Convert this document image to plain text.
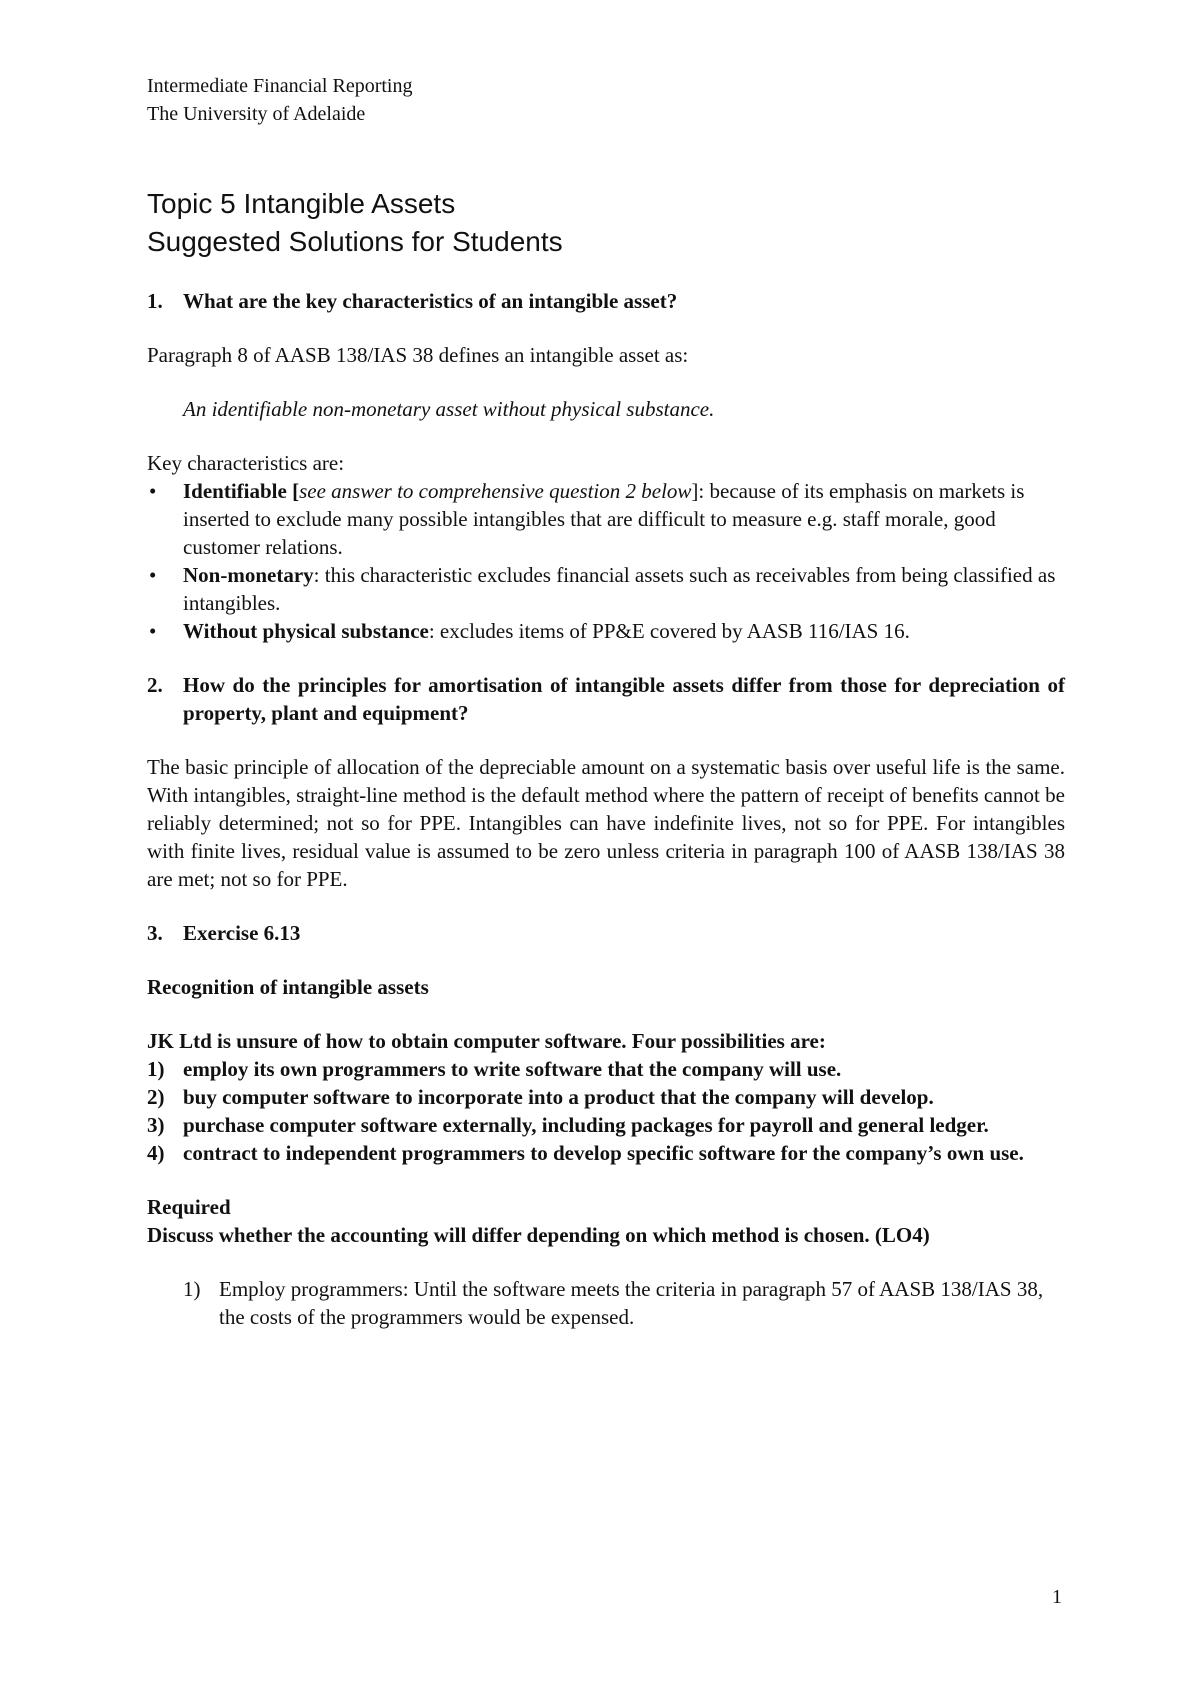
Intermediate Financial Reporting
The University of Adelaide
Topic 5 Intangible Assets
Suggested Solutions for Students
1. What are the key characteristics of an intangible asset?

Paragraph 8 of AASB 138/IAS 38 defines an intangible asset as:

An identifiable non-monetary asset without physical substance.

Key characteristics are:
•
Identifiable [see answer to comprehensive question 2 below]: because of its emphasis on markets is inserted to exclude many possible intangibles that are difficult to measure e.g. staff morale, good customer relations.
•
Non-monetary: this characteristic excludes financial assets such as receivables from being classified as intangibles.
•
Without physical substance: excludes items of PP&E covered by AASB 116/IAS 16.
2. How do the principles for amortisation of intangible assets differ from those for depreciation of property, plant and equipment?

The basic principle of allocation of the depreciable amount on a systematic basis over useful life is the same. With intangibles, straight-line method is the default method where the pattern of receipt of benefits cannot be reliably determined; not so for PPE. Intangibles can have indefinite lives, not so for PPE. For intangibles with finite lives, residual value is assumed to be zero unless criteria in paragraph 100 of AASB 138/IAS 38 are met; not so for PPE.

3. Exercise 6.13

Recognition of intangible assets

JK Ltd is unsure of how to obtain computer software. Four possibilities are:
1) employ its own programmers to write software that the company will use.
2) buy computer software to incorporate into a product that the company will develop.
3) purchase computer software externally, including packages for payroll and general ledger.
4) contract to independent programmers to develop specific software for the company’s own use.
Required
Discuss whether the accounting will differ depending on which method is chosen. (LO4)
1) Employ programmers: Until the software meets the criteria in paragraph 57 of AASB 138/IAS 38, the costs of the programmers would be expensed.
1
